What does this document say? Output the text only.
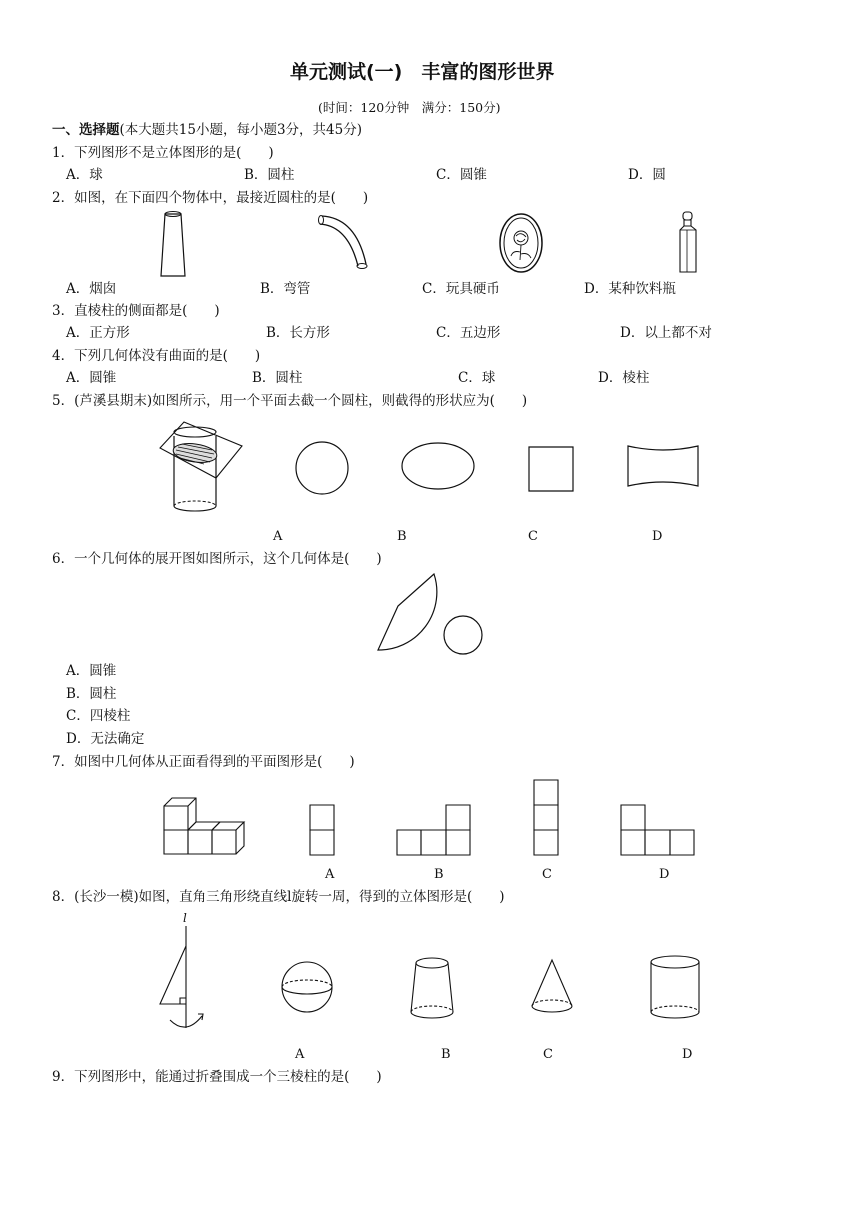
单元测试(一)　丰富的图形世界
(时间：120分钟　满分：150分)
一、选择题(本大题共15小题，每小题3分，共45分)
1．下列图形不是立体图形的是(　　)
A．球	B．圆柱	C．圆锥	D．圆
2．如图，在下面四个物体中，最接近圆柱的是(　　)
A．烟囱	B．弯管	C．玩具硬币	D．某种饮料瓶
3．直棱柱的侧面都是(　　)
A．正方形	B．长方形	C．五边形	D．以上都不对
4．下列几何体没有曲面的是(　　)
A．圆锥	B．圆柱	C．球	D．棱柱
5．(芦溪县期末)如图所示，用一个平面去截一个圆柱，则截得的形状应为(　　)
A	B	C	D
6．一个几何体的展开图如图所示，这个几何体是(　　)
A．圆锥
B．圆柱
C．四棱柱
D．无法确定
7．如图中几何体从正面看得到的平面图形是(　　)
A	B	C	D
8．(长沙一模)如图，直角三角形绕直线l旋转一周，得到的立体图形是(　　)
l
A	B	C	D
9．下列图形中，能通过折叠围成一个三棱柱的是(　　)
